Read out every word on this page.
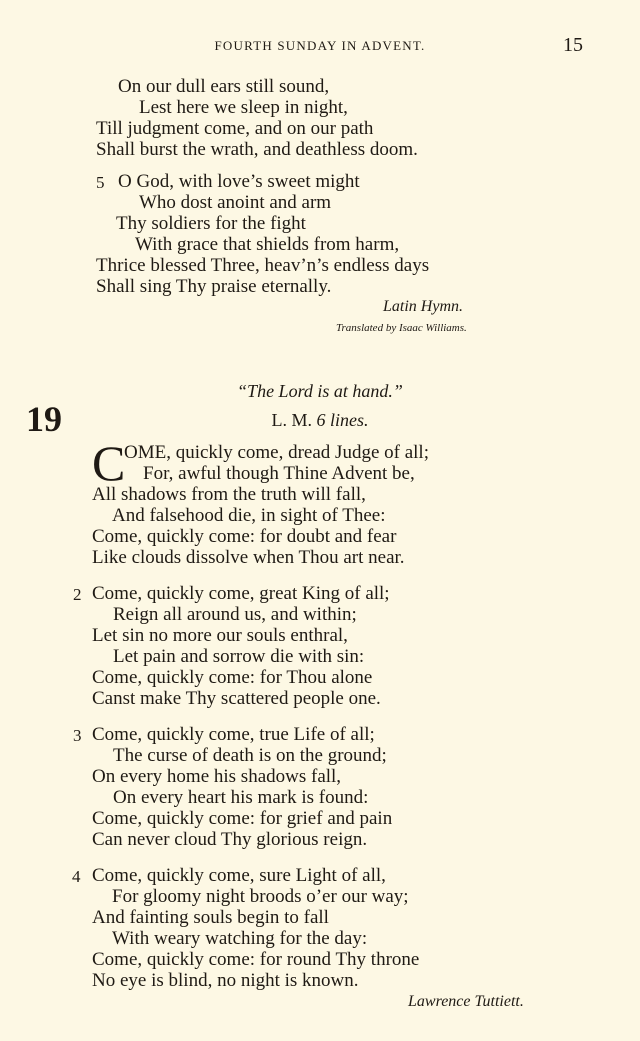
FOURTH SUNDAY IN ADVENT.	15
On our dull ears still sound,
Lest here we sleep in night,
Till judgment come, and on our path
Shall burst the wrath, and deathless doom.
5 O God, with love’s sweet might
Who dost anoint and arm
Thy soldiers for the fight
With grace that shields from harm,
Thrice blessed Three, heav’n’s endless days
Shall sing Thy praise eternally.
Latin Hymn.
Translated by Isaac Williams.
“The Lord is at hand.”
19	L. M. 6 lines.
C
OME, quickly come, dread Judge of all;
For, awful though Thine Advent be,
All shadows from the truth will fall,
And falsehood die, in sight of Thee:
Come, quickly come: for doubt and fear
Like clouds dissolve when Thou art near.
2 Come, quickly come, great King of all;
Reign all around us, and within;
Let sin no more our souls enthral,
Let pain and sorrow die with sin:
Come, quickly come: for Thou alone
Canst make Thy scattered people one.
3 Come, quickly come, true Life of all;
The curse of death is on the ground;
On every home his shadows fall,
On every heart his mark is found:
Come, quickly come: for grief and pain
Can never cloud Thy glorious reign.
4 Come, quickly come, sure Light of all,
For gloomy night broods o’er our way;
And fainting souls begin to fall
With weary watching for the day:
Come, quickly come: for round Thy throne
No eye is blind, no night is known.
Lawrence Tuttiett.
